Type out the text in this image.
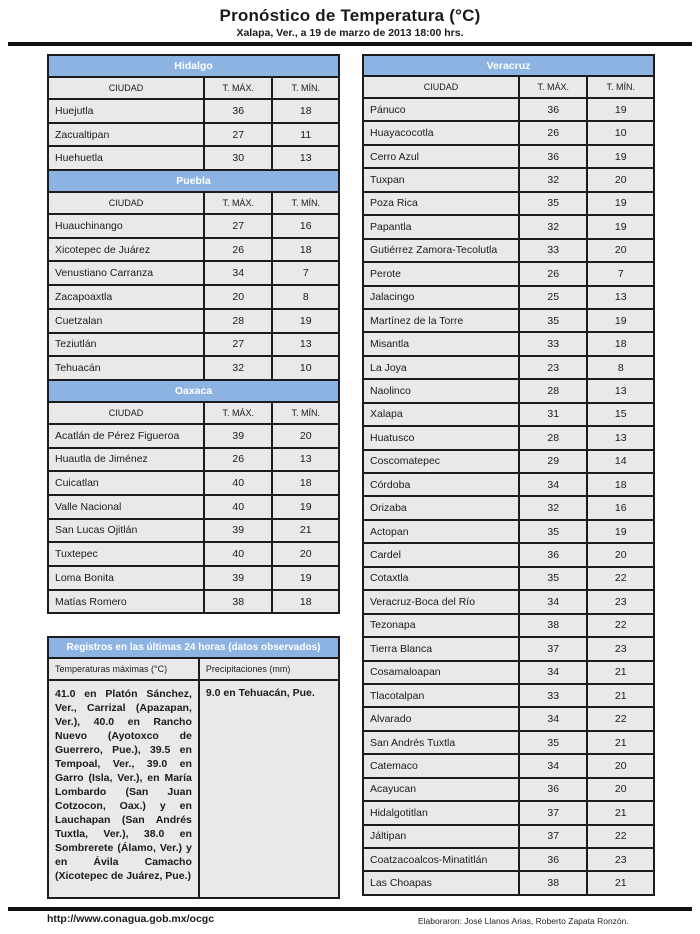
Pronóstico de Temperatura (°C)
Xalapa, Ver., a 19 de marzo de 2013 18:00 hrs.
Hidalgo		
CIUDAD	T. MÁX.	T. MÍN.
Huejutla	36	18
Zacualtipan	27	11
Huehuetla	30	13
Puebla		
CIUDAD	T. MÁX.	T. MÍN.
Huauchinango	27	16
Xicotepec de Juárez	26	18
Venustiano Carranza	34	7
Zacapoaxtla	20	8
Cuetzalan	28	19
Teziutlán	27	13
Tehuacán	32	10
Oaxaca		
CIUDAD	T. MÁX.	T. MÍN.
Acatlán de Pérez Figueroa	39	20
Huautla de Jiménez	26	13
Cuicatlan	40	18
Valle Nacional	40	19
San Lucas Ojitlán	39	21
Tuxtepec	40	20
Loma Bonita	39	19
Matías Romero	38	18
Veracruz		
CIUDAD	T. MÁX.	T. MÍN.
Pánuco	36	19
Huayacocotla	26	10
Cerro Azul	36	19
Tuxpan	32	20
Poza Rica	35	19
Papantla	32	19
Gutiérrez Zamora-Tecolutla	33	20
Perote	26	7
Jalacingo	25	13
Martínez de la Torre	35	19
Misantla	33	18
La Joya	23	8
Naolinco	28	13
Xalapa	31	15
Huatusco	28	13
Coscomatepec	29	14
Córdoba	34	18
Orizaba	32	16
Actopan	35	19
Cardel	36	20
Cotaxtla	35	22
Veracruz-Boca del Río	34	23
Tezonapa	38	22
Tierra Blanca	37	23
Cosamaloapan	34	21
Tlacotalpan	33	21
Alvarado	34	22
San Andrés Tuxtla	35	21
Catemaco	34	20
Acayucan	36	20
Hidalgotitlan	37	21
Jáltipan	37	22
Coatzacoalcos-Minatitlán	36	23
Las Choapas	38	21
Registros en las últimas 24 horas (datos observados)	
Temperaturas máximas (°C)	Precipitaciones (mm)
41.0 en Platón Sánchez, Ver., Carrizal (Apazapan, Ver.), 40.0 en Rancho Nuevo (Ayotoxco de Guerrero, Pue.), 39.5 en Tempoal, Ver., 39.0 en Garro (Isla, Ver.), en María Lombardo (San Juan Cotzocon, Oax.) y en Lauchapan (San Andrés Tuxtla, Ver.), 38.0 en Sombrerete (Álamo, Ver.) y en Ávila Camacho (Xicotepec de Juárez, Pue.)	9.0 en Tehuacán, Pue.
http://www.conagua.gob.mx/ocgc	Elaboraron: José Llanos Arias, Roberto Zapata Ronzón.
